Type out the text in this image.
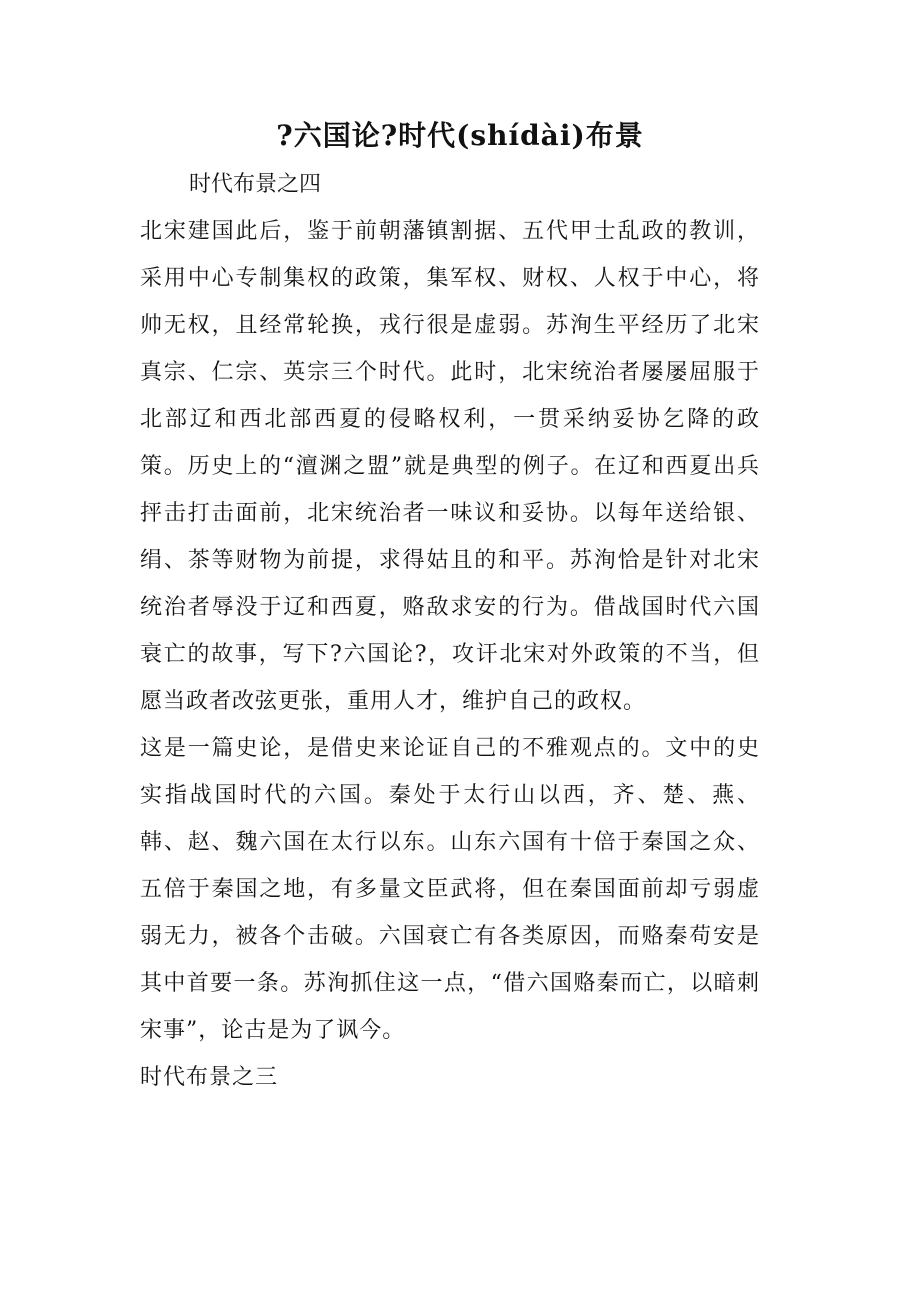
?六国论?时代(shídài)布景
时代布景之四

北宋建国此后，鉴于前朝藩镇割据、五代甲士乱政的教训，采用中心专制集权的政策，集军权、财权、人权于中心，将帅无权，且经常轮换，戎行很是虚弱。苏洵生平经历了北宋真宗、仁宗、英宗三个时代。此时，北宋统治者屡屡屈服于北部辽和西北部西夏的侵略权利，一贯采纳妥协乞降的政策。历史上的“澶渊之盟”就是典型的例子。在辽和西夏出兵抨击打击面前，北宋统治者一味议和妥协。以每年送给银、绢、茶等财物为前提，求得姑且的和平。苏洵恰是针对北宋统治者辱没于辽和西夏，赂敌求安的行为。借战国时代六国衰亡的故事，写下?六国论?，攻讦北宋对外政策的不当，但愿当政者改弦更张，重用人才，维护自己的政权。

这是一篇史论，是借史来论证自己的不雅观点的。文中的史实指战国时代的六国。秦处于太行山以西，齐、楚、燕、韩、赵、魏六国在太行以东。山东六国有十倍于秦国之众、五倍于秦国之地，有多量文臣武将，但在秦国面前却亏弱虚弱无力，被各个击破。六国衰亡有各类原因，而赂秦苟安是其中首要一条。苏洵抓住这一点，“借六国赂秦而亡，以暗刺宋事”，论古是为了讽今。

时代布景之三
